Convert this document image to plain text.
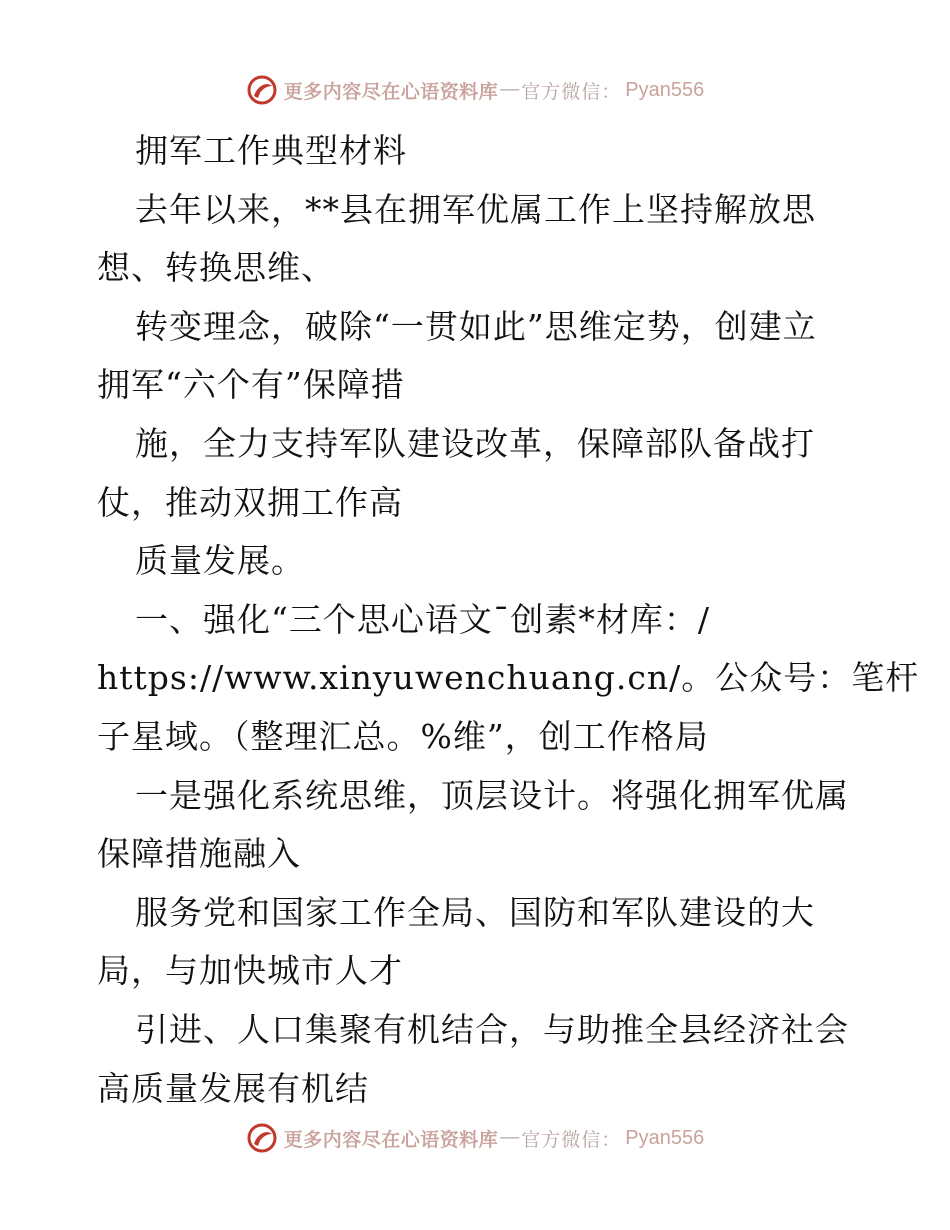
更多内容尽在心语资料库 — 官方微信： Pyan556
拥军工作典型材料
去年以来，**县在拥军优属工作上坚持解放思
想、转换思维、
转变理念，破除“一贯如此”思维定势，创建立
拥军“六个有”保障措
施，全力支持军队建设改革，保障部队备战打
仗，推动双拥工作高
质量发展。
一、强化“三个思心语文¯创素*材库：/
https://www.xinyuwenchuang.cn/。公众号：笔杆
子星域。（整理汇总。%维”，创工作格局
一是强化系统思维，顶层设计。将强化拥军优属
保障措施融入
服务党和国家工作全局、国防和军队建设的大
局，与加快城市人才
引进、人口集聚有机结合，与助推全县经济社会
高质量发展有机结
更多内容尽在心语资料库 — 官方微信： Pyan556
